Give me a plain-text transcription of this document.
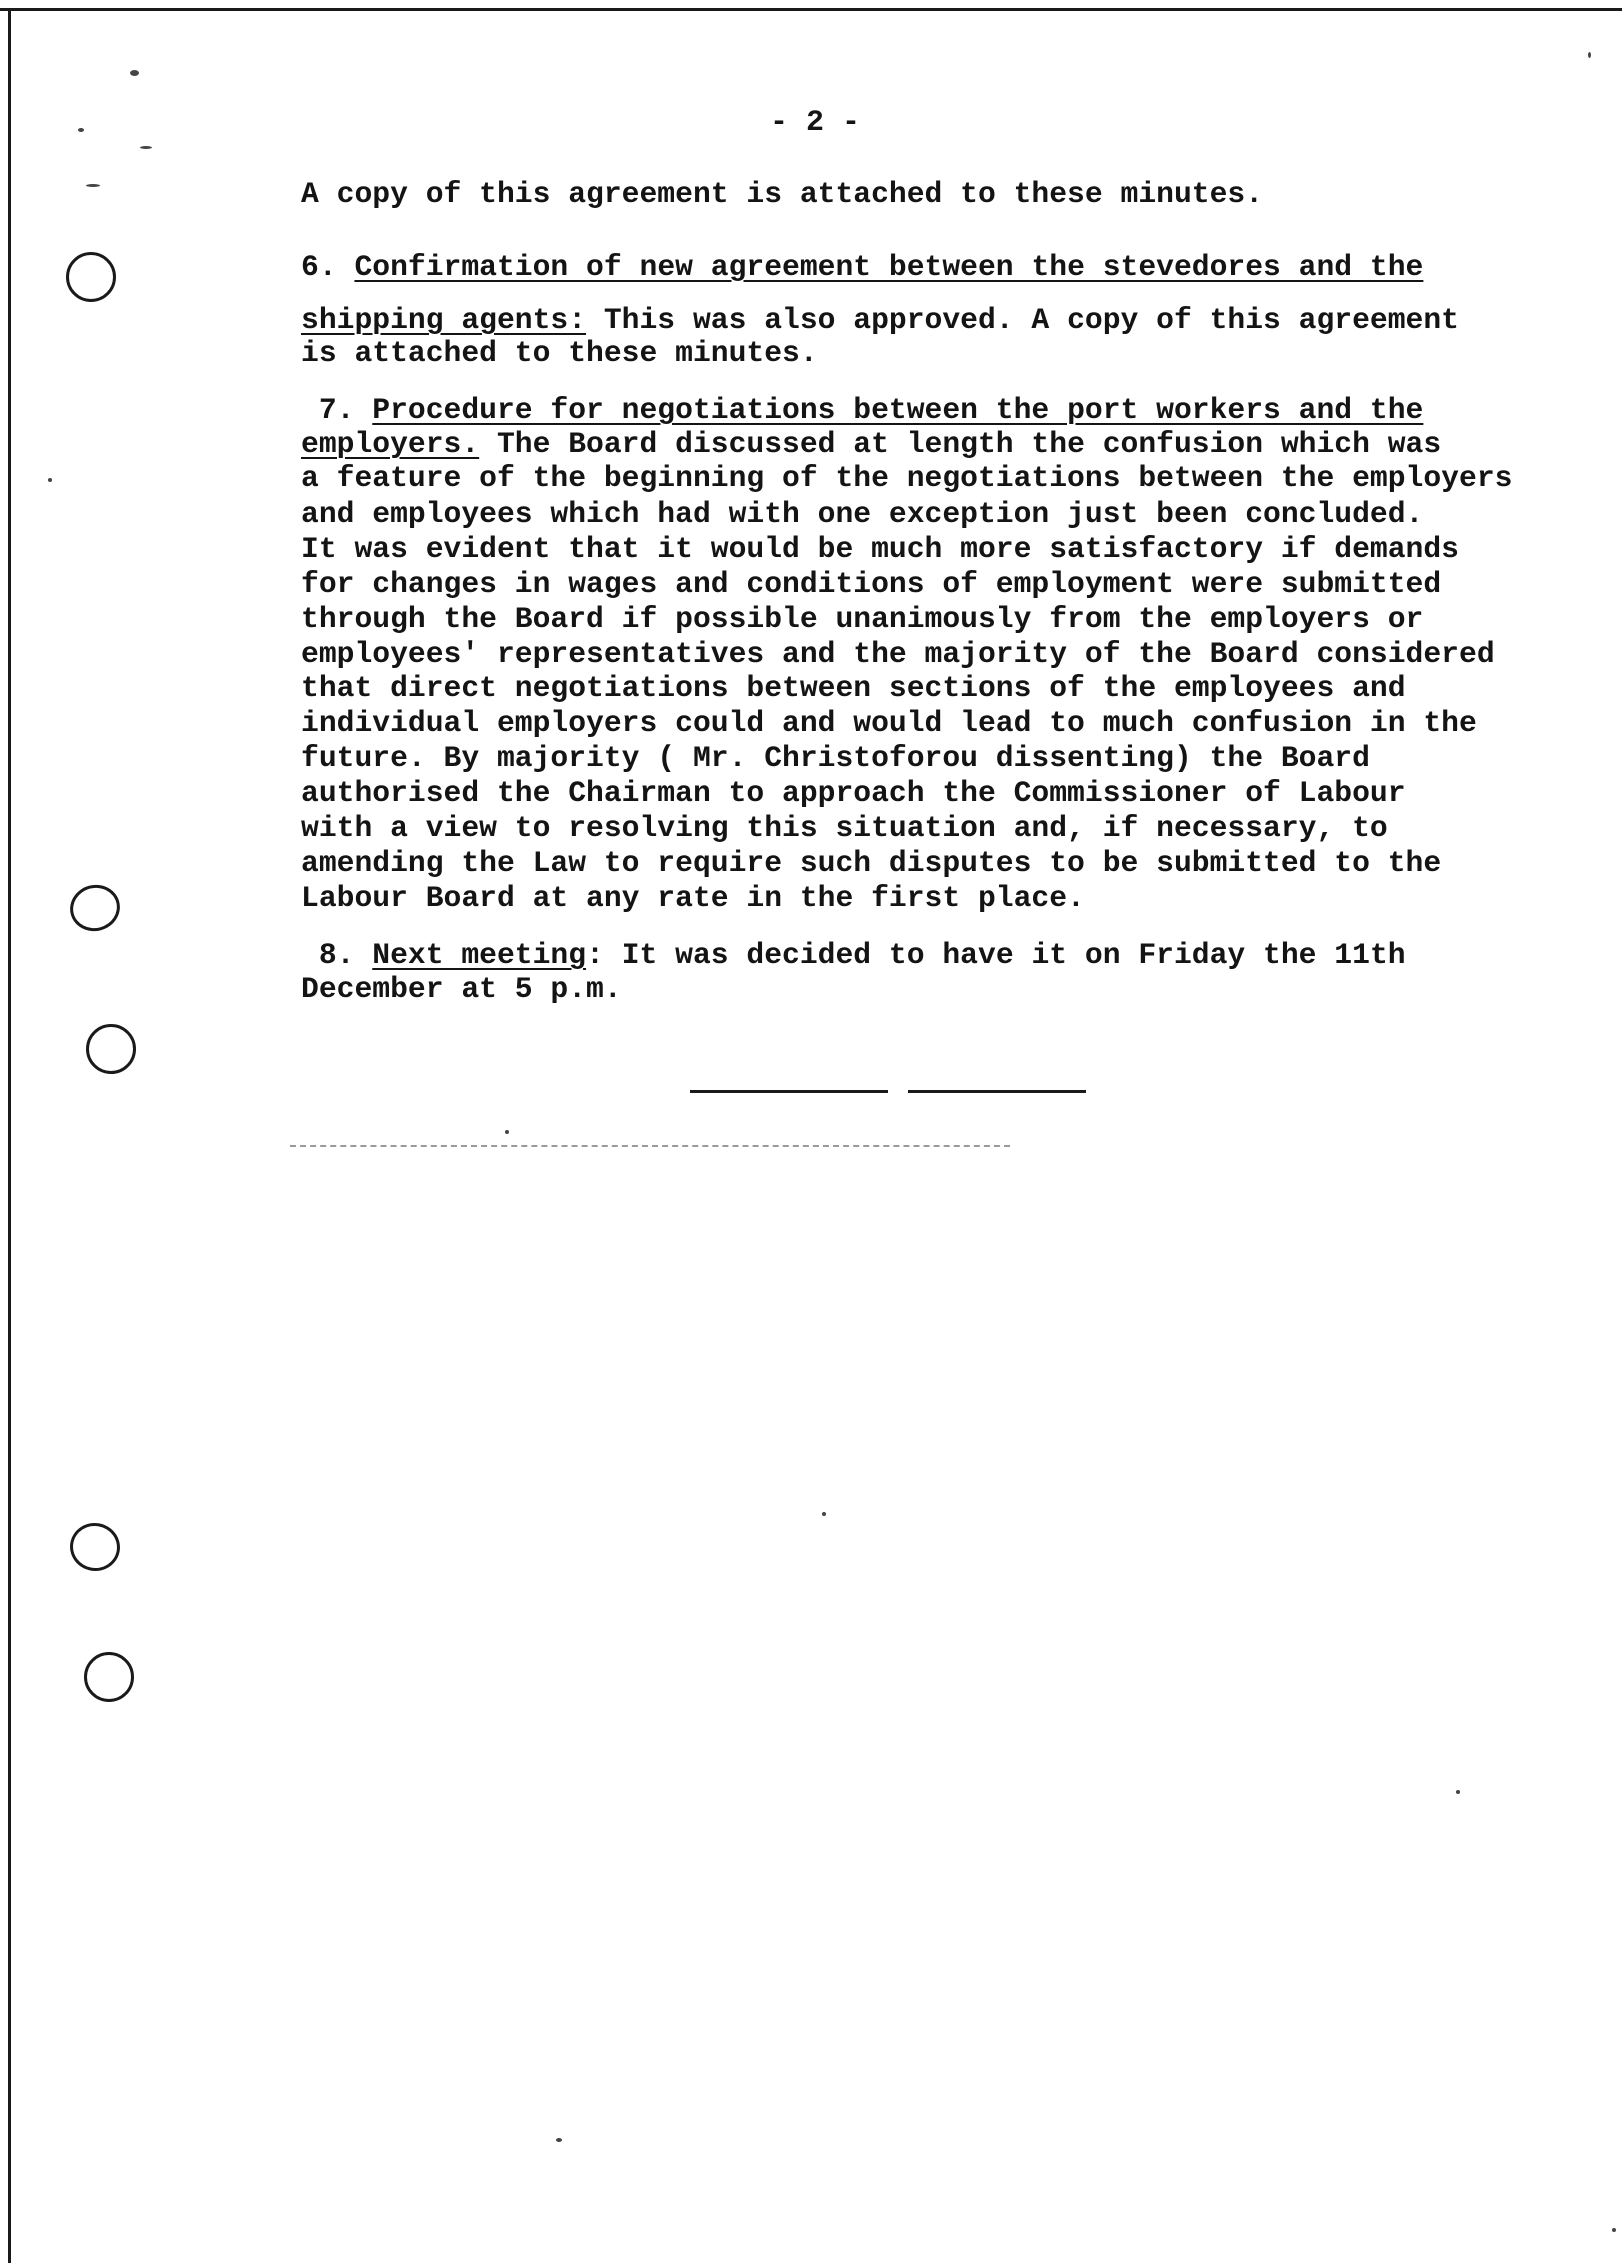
- 2 -
A copy of this agreement is attached to these minutes.
6. Confirmation of new agreement between the stevedores and the
shipping agents: This was also approved. A copy of this agreement
is attached to these minutes.
7. Procedure for negotiations between the port workers and the
employers. The Board discussed at length the confusion which was
a feature of the beginning of the negotiations between the employers
and employees which had with one exception just been concluded.
It was evident that it would be much more satisfactory if demands
for changes in wages and conditions of employment were submitted
through the Board if possible unanimously from the employers or
employees' representatives and the majority of the Board considered
that direct negotiations between sections of the employees and
individual employers could and would lead to much confusion in the
future. By majority ( Mr. Christoforou dissenting) the Board
authorised the Chairman to approach the Commissioner of Labour
with a view to resolving this situation and, if necessary, to
amending the Law to require such disputes to be submitted to the
Labour Board at any rate in the first place.
8. Next meeting: It was decided to have it on Friday the 11th
December at 5 p.m.
